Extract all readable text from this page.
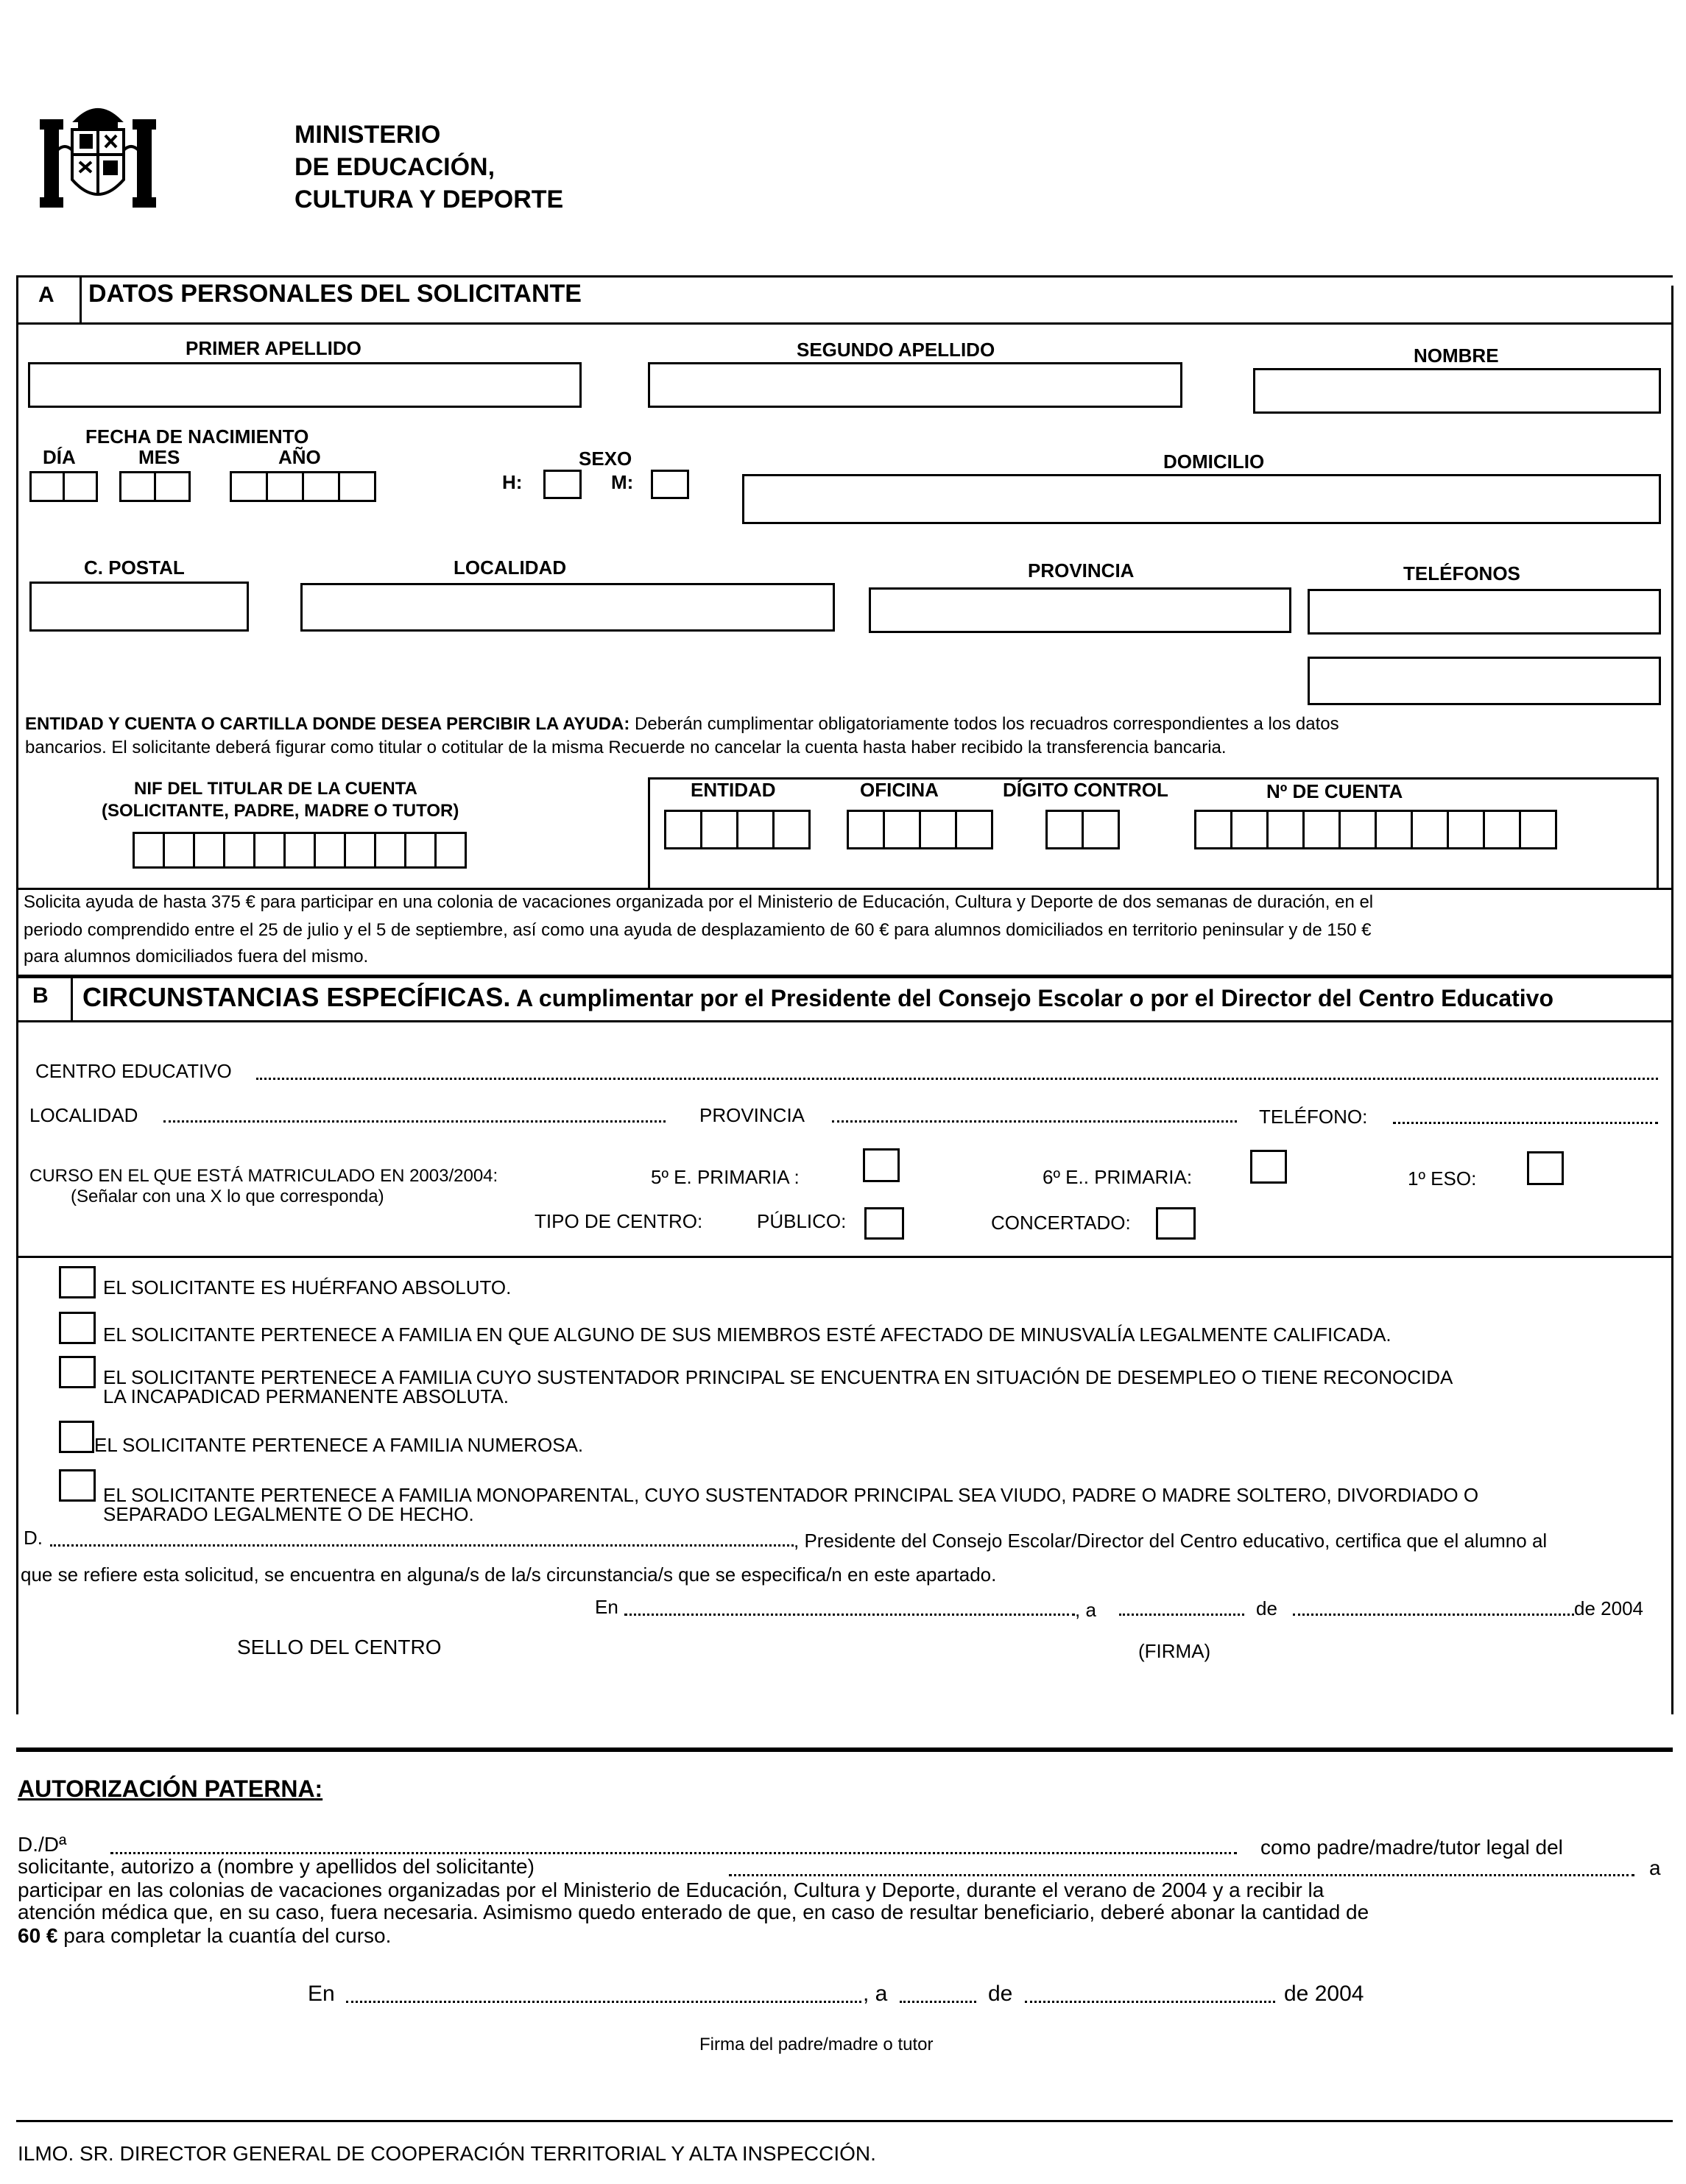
MINISTERIO
DE EDUCACIÓN,
CULTURA Y DEPORTE
A DATOS PERSONALES DEL SOLICITANTE
PRIMER APELLIDO	SEGUNDO APELLIDO	NOMBRE
FECHA DE NACIMIENTO
DÍA	MES	AÑO	SEXO
H:	M:
DOMICILIO
C. POSTAL	LOCALIDAD	PROVINCIA	TELÉFONOS
ENTIDAD Y CUENTA O CARTILLA DONDE DESEA PERCIBIR LA AYUDA: Deberán cumplimentar obligatoriamente todos los recuadros correspondientes a los datos
bancarios. El solicitante deberá figurar como titular o cotitular de la misma Recuerde no cancelar la cuenta hasta haber recibido la transferencia bancaria.
NIF DEL TITULAR DE LA CUENTA
(SOLICITANTE, PADRE, MADRE O TUTOR)
ENTIDAD	OFICINA	DÍGITO CONTROL	Nº DE CUENTA
Solicita ayuda de hasta 375 € para participar en una colonia de vacaciones organizada por el Ministerio de Educación, Cultura y Deporte de dos semanas de duración, en el
periodo comprendido entre el 25 de julio y el 5 de septiembre, así como una ayuda de desplazamiento de 60 € para alumnos domiciliados en territorio peninsular y de 150 €
para alumnos domiciliados fuera del mismo.
B CIRCUNSTANCIAS ESPECÍFICAS. A cumplimentar por el Presidente del Consejo Escolar o por el Director del Centro Educativo
CENTRO EDUCATIVO
LOCALIDAD	PROVINCIA	TELÉFONO:
CURSO EN EL QUE ESTÁ MATRICULADO EN 2003/2004:
(Señalar con una X lo que corresponda)
5º E. PRIMARIA :	6º E.. PRIMARIA:	1º ESO:
TIPO DE CENTRO:	PÚBLICO:	CONCERTADO:
EL SOLICITANTE ES HUÉRFANO ABSOLUTO.
EL SOLICITANTE PERTENECE A FAMILIA EN QUE ALGUNO DE SUS MIEMBROS ESTÉ AFECTADO DE MINUSVALÍA LEGALMENTE CALIFICADA.
EL SOLICITANTE PERTENECE A FAMILIA CUYO SUSTENTADOR PRINCIPAL SE ENCUENTRA EN SITUACIÓN DE DESEMPLEO O TIENE RECONOCIDA
LA INCAPADICAD PERMANENTE ABSOLUTA.
EL SOLICITANTE PERTENECE A FAMILIA NUMEROSA.
EL SOLICITANTE PERTENECE A FAMILIA MONOPARENTAL, CUYO SUSTENTADOR PRINCIPAL SEA VIUDO, PADRE O MADRE SOLTERO, DIVORDIADO O
SEPARADO LEGALMENTE O DE HECHO.
D.	, Presidente del Consejo Escolar/Director del Centro educativo, certifica que el alumno al
que se refiere esta solicitud, se encuentra en alguna/s de la/s circunstancia/s que se especifica/n en este apartado.
En	, a	de	de 2004
SELLO DEL CENTRO	(FIRMA)
AUTORIZACIÓN PATERNA:
D./Dª	como padre/madre/tutor legal del
solicitante, autorizo a (nombre y apellidos del solicitante)	a
participar en las colonias de vacaciones organizadas por el Ministerio de Educación, Cultura y Deporte, durante el verano de 2004 y a recibir la
atención médica que, en su caso, fuera necesaria. Asimismo quedo enterado de que, en caso de resultar beneficiario, deberé abonar la cantidad de
60 € para completar la cuantía del curso.
En	, a	de	de 2004
Firma del padre/madre o tutor
ILMO. SR. DIRECTOR GENERAL DE COOPERACIÓN TERRITORIAL Y ALTA INSPECCIÓN.
